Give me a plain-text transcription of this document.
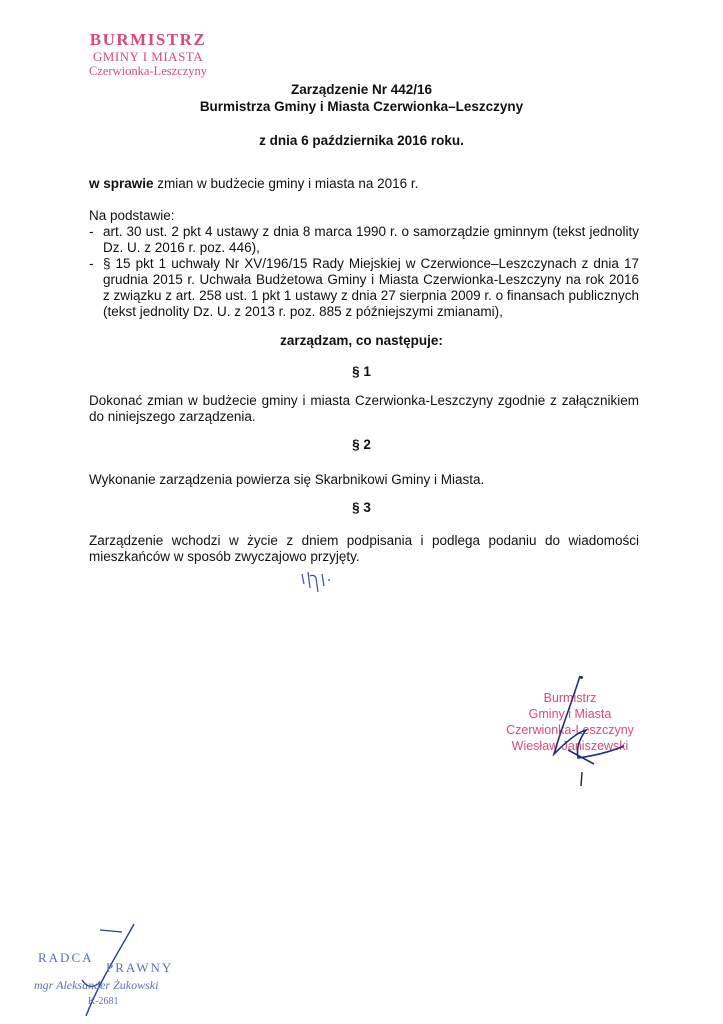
BURMISTRZ
GMINY I MIASTA
Czerwionka-Leszczyny
Zarządzenie Nr 442/16
Burmistrza Gminy i Miasta Czerwionka–Leszczyny
z dnia 6 października 2016 roku.
w sprawie zmian w budżecie gminy i miasta na 2016 r.
Na podstawie:
- art. 30 ust. 2 pkt 4 ustawy z dnia 8 marca 1990 r. o samorządzie gminnym (tekst jednolity Dz. U. z 2016 r. poz. 446),
- § 15 pkt 1 uchwały Nr XV/196/15 Rady Miejskiej w Czerwionce–Leszczynach z dnia 17 grudnia 2015 r. Uchwała Budżetowa Gminy i Miasta Czerwionka-Leszczyny na rok 2016 z związku z art. 258 ust. 1 pkt 1 ustawy z dnia 27 sierpnia 2009 r. o finansach publicznych (tekst jednolity Dz. U. z 2013 r. poz. 885 z późniejszymi zmianami),
zarządzam, co następuje:
§ 1
Dokonać zmian w budżecie gminy i miasta Czerwionka-Leszczyny zgodnie z załącznikiem do niniejszego zarządzenia.
§ 2
Wykonanie zarządzenia powierza się Skarbnikowi Gminy i Miasta.
§ 3
Zarządzenie wchodzi w życie z dniem podpisania i podlega podaniu do wiadomości mieszkańców w sposób zwyczajowo przyjęty.
Burmistrz
Gminy i Miasta
Czerwionka-Leszczyny
Wiesław Janiszewski
RADCA
PRAWNY
mgr Aleksander Żukowski
K-2681
